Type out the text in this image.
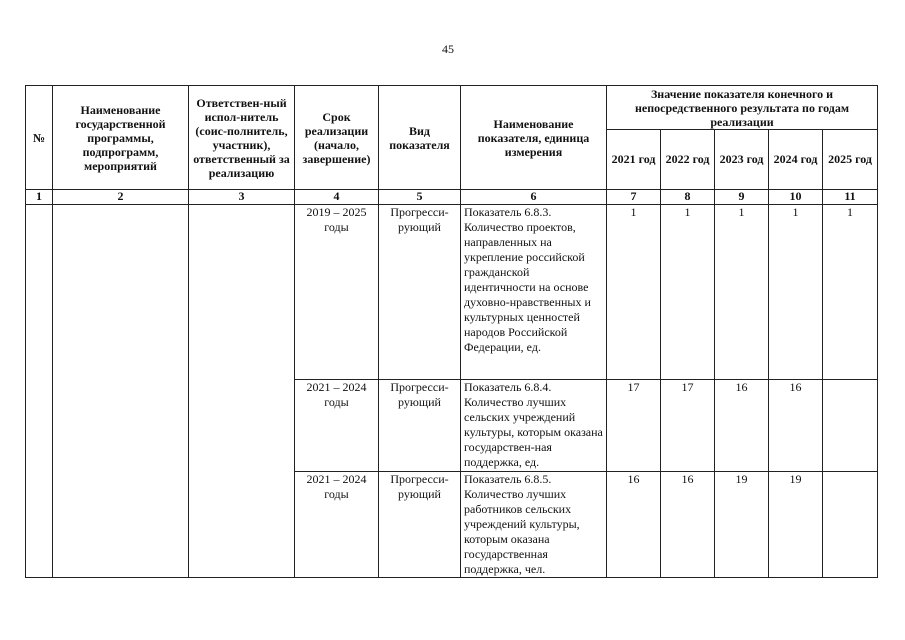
45
№	Наименование государственной программы, подпрограмм, мероприятий	Ответствен-ный испол-нитель (соис-полнитель, участник), ответственный за реализацию	Срок реализации (начало, завершение)	Вид показателя	Наименование показателя, единица измерения	Значение показателя конечного и непосредственного результата по годам реализации				
						2021 год	2022 год	2023 год	2024 год	2025 год
1	2	3	4	5	6	7	8	9	10	11
			2019 – 2025 годы	Прогресси-рующий	Показатель 6.8.3. Количество проектов, направленных на укрепление российской гражданской идентичности на основе духовно-нравственных и культурных ценностей народов Российской Федерации, ед.	1	1	1	1	1
			2021 – 2024 годы	Прогресси-рующий	Показатель 6.8.4. Количество лучших сельских учреждений культуры, которым оказана государствен-ная поддержка, ед.	17	17	16	16	
			2021 – 2024 годы	Прогресси-рующий	Показатель 6.8.5. Количество лучших работников сельских учреждений культуры, которым оказана государственная поддержка, чел.	16	16	19	19	
